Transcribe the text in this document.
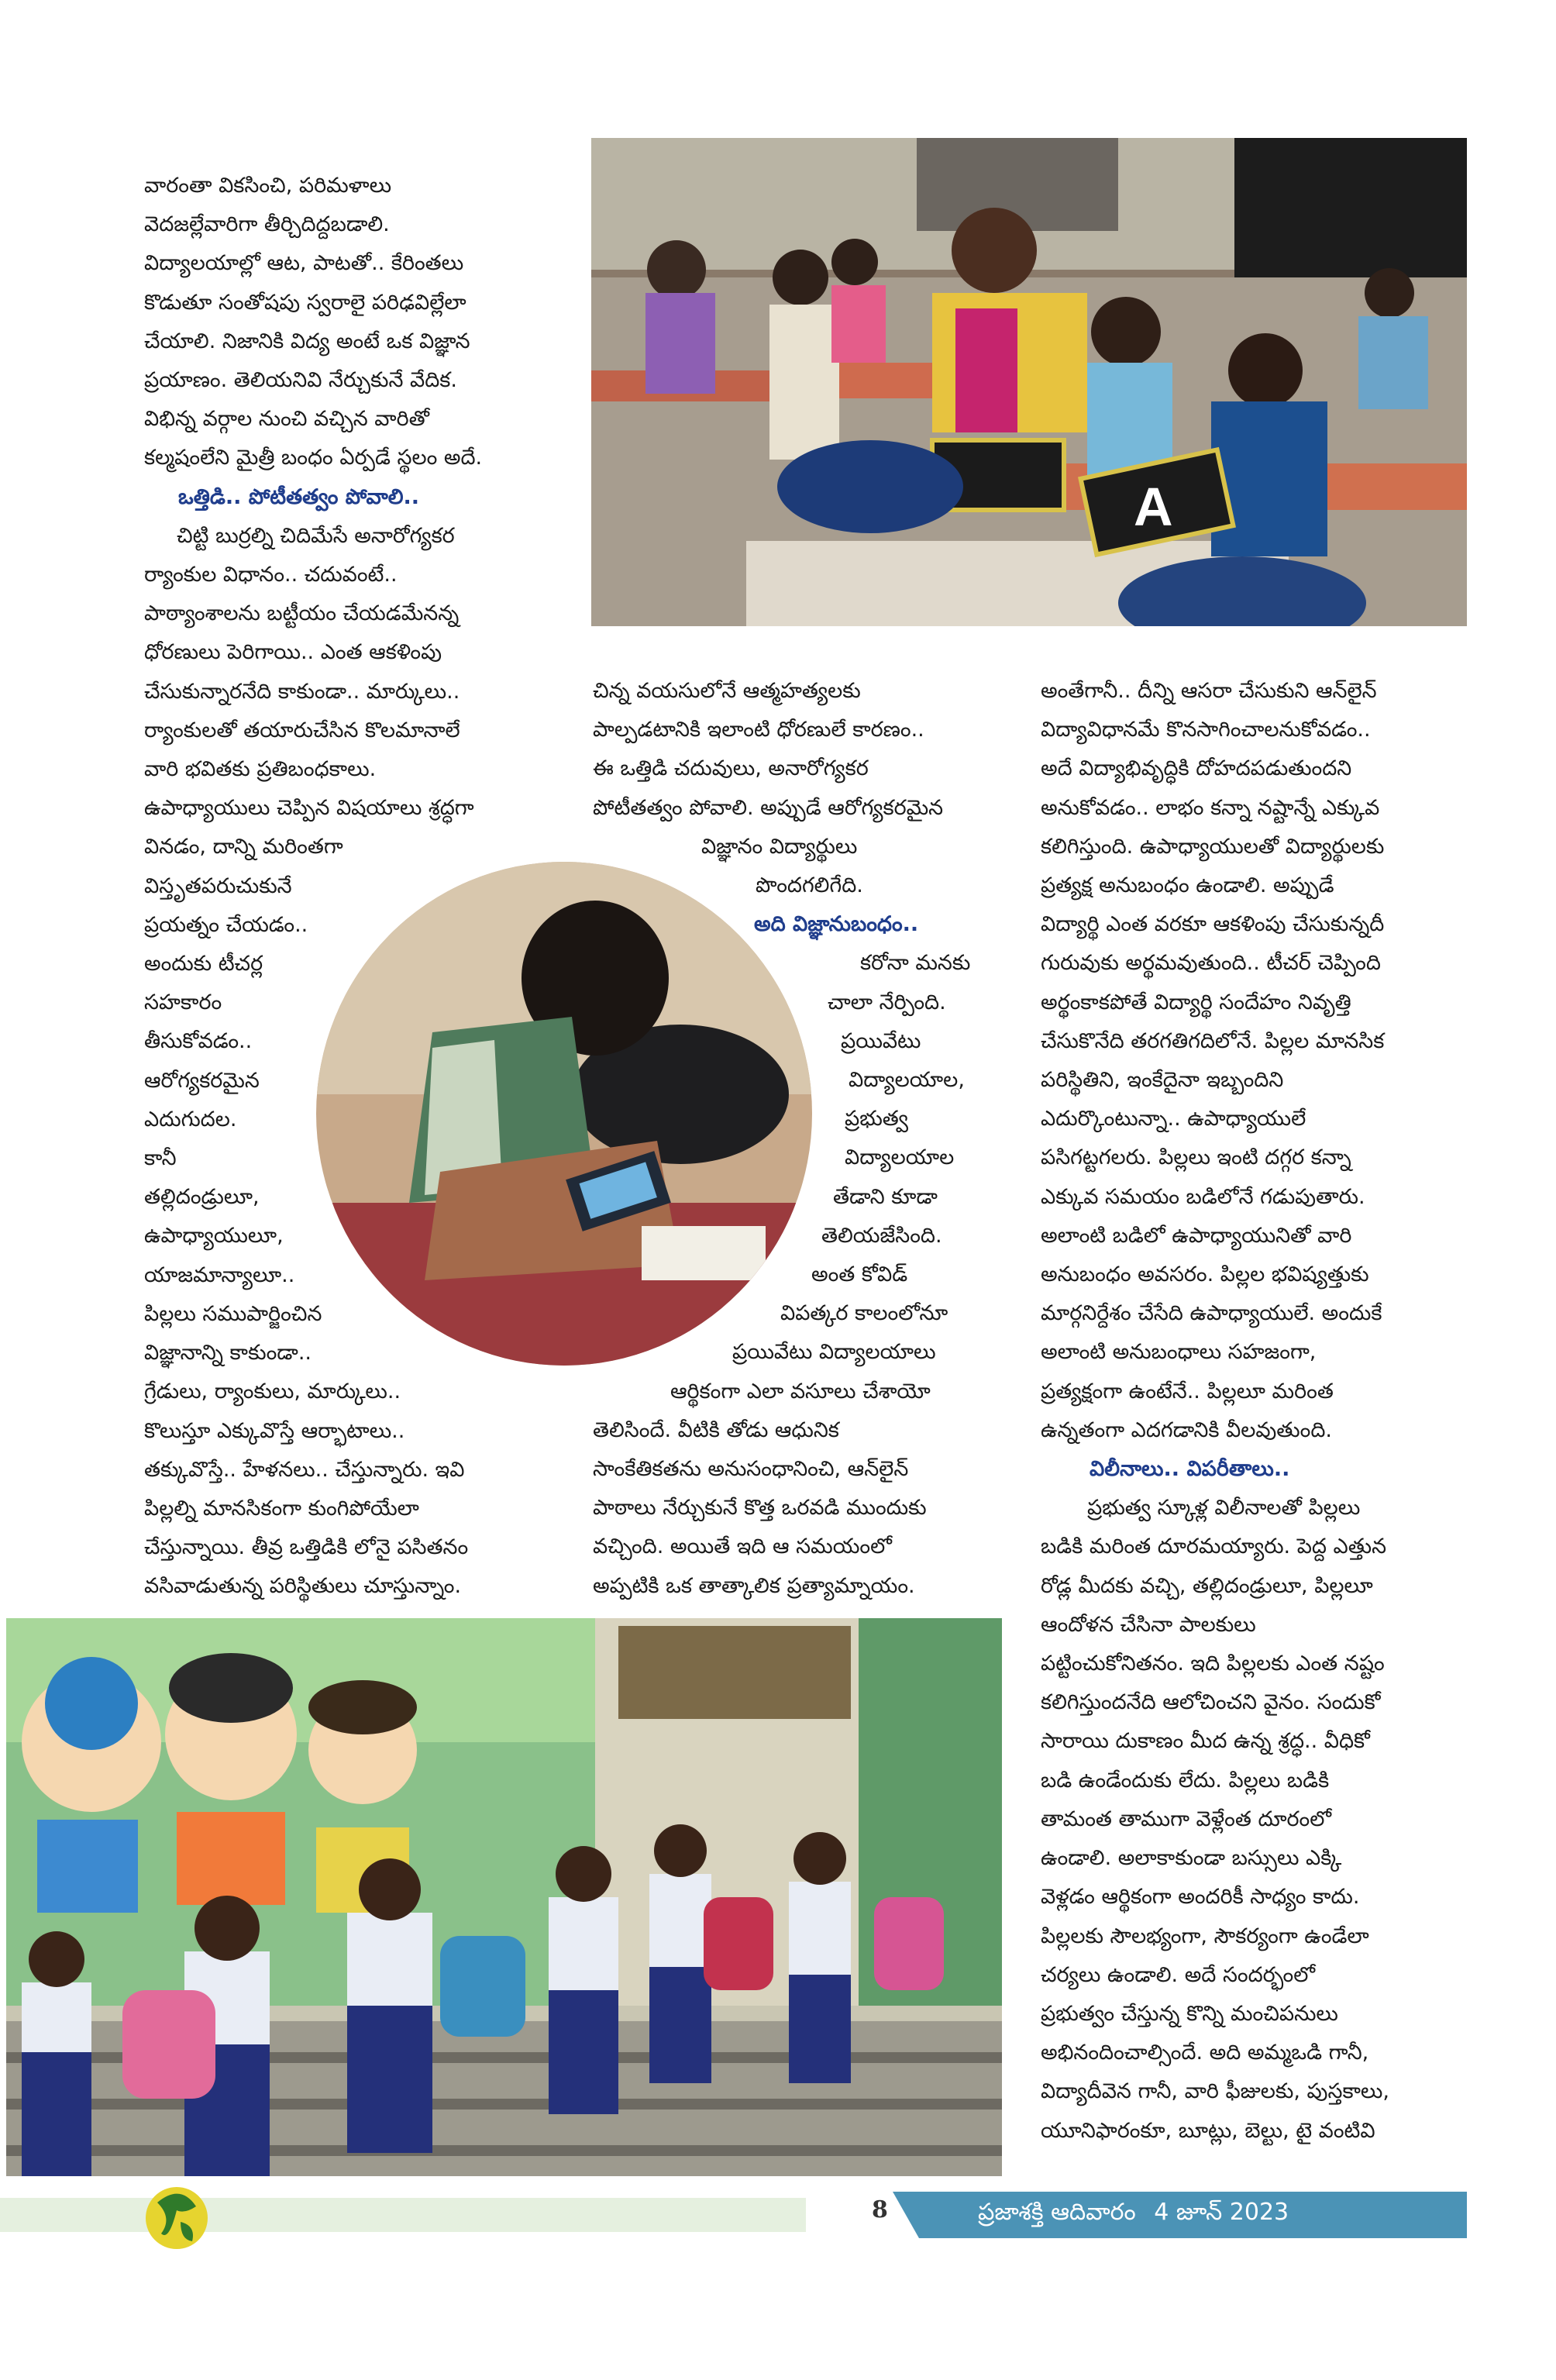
A

వారంతా వికసించి, పరిమళాలు

వెదజల్లేవారిగా తీర్చిదిద్దబడాలి.

విద్యాలయాల్లో ఆట, పాటతో.. కేరింతలు

కొడుతూ సంతోషపు స్వరాలై పరిఢవిల్లేలా

చేయాలి. నిజానికి విద్య అంటే ఒక విజ్ఞాన

ప్రయాణం. తెలియనివి నేర్చుకునే వేదిక.

విభిన్న వర్గాల నుంచి వచ్చిన వారితో

కల్మషంలేని మైత్రీ బంధం ఏర్పడే స్థలం అదే.

ఒత్తిడి.. పోటీతత్వం పోవాలి..

చిట్టి బుర్రల్ని చిదిమేసే అనారోగ్యకర

ర్యాంకుల విధానం.. చదువంటే..

పాఠ్యాంశాలను బట్టీయం చేయడమేనన్న

ధోరణులు పెరిగాయి.. ఎంత ఆకళింపు

చేసుకున్నారనేది కాకుండా.. మార్కులు..

ర్యాంకులతో తయారుచేసిన కొలమానాలే

వారి భవితకు ప్రతిబంధకాలు.

ఉపాధ్యాయులు చెప్పిన విషయాలు శ్రద్ధగా

వినడం, దాన్ని మరింతగా

విస్తృతపరుచుకునే

ప్రయత్నం చేయడం..

అందుకు టీచర్ల

సహకారం

తీసుకోవడం..

ఆరోగ్యకరమైన

ఎదుగుదల.

కానీ

తల్లిదండ్రులూ,

ఉపాధ్యాయులూ,

యాజమాన్యాలూ..

పిల్లలు సముపార్జించిన

విజ్ఞానాన్ని కాకుండా..

గ్రేడులు, ర్యాంకులు, మార్కులు..

కొలుస్తూ ఎక్కువొస్తే ఆర్భాటాలు..

తక్కువొస్తే.. హేళనలు.. చేస్తున్నారు. ఇవి

పిల్లల్ని మానసికంగా కుంగిపోయేలా

చేస్తున్నాయి. తీవ్ర ఒత్తిడికి లోనై పసితనం

వసివాడుతున్న పరిస్థితులు చూస్తున్నాం.

చిన్న వయసులోనే ఆత్మహత్యలకు

పాల్పడటానికి ఇలాంటి ధోరణులే కారణం..

ఈ ఒత్తిడి చదువులు, అనారోగ్యకర

పోటీతత్వం పోవాలి. అప్పుడే ఆరోగ్యకరమైన

విజ్ఞానం విద్యార్థులు

పొందగలిగేది.

అది విజ్ఞానుబంధం..

కరోనా మనకు

చాలా నేర్పింది.

ప్రయివేటు

విద్యాలయాల,

ప్రభుత్వ

విద్యాలయాల

తేడాని కూడా

తెలియజేసింది.

అంత కోవిడ్

విపత్కర కాలంలోనూ

ప్రయివేటు విద్యాలయాలు

ఆర్థికంగా ఎలా వసూలు చేశాయో

తెలిసిందే. వీటికి తోడు ఆధునిక

సాంకేతికతను అనుసంధానించి, ఆన్‌లైన్

పాఠాలు నేర్చుకునే కొత్త ఒరవడి ముందుకు

వచ్చింది. అయితే ఇది ఆ సమయంలో

అప్పటికి ఒక తాత్కాలిక ప్రత్యామ్నాయం.

అంతేగానీ.. దీన్ని ఆసరా చేసుకుని ఆన్‌లైన్

విద్యావిధానమే కొనసాగించాలనుకోవడం..

అదే విద్యాభివృద్ధికి దోహదపడుతుందని

అనుకోవడం.. లాభం కన్నా నష్టాన్నే ఎక్కువ

కలిగిస్తుంది. ఉపాధ్యాయులతో విద్యార్థులకు

ప్రత్యక్ష అనుబంధం ఉండాలి. అప్పుడే

విద్యార్థి ఎంత వరకూ ఆకళింపు చేసుకున్నదీ

గురువుకు అర్థమవుతుంది.. టీచర్ చెప్పింది

అర్థంకాకపోతే విద్యార్థి సందేహం నివృత్తి

చేసుకొనేది తరగతిగదిలోనే. పిల్లల మానసిక

పరిస్థితిని, ఇంకేదైనా ఇబ్బందిని

ఎదుర్కొంటున్నా.. ఉపాధ్యాయులే

పసిగట్టగలరు. పిల్లలు ఇంటి దగ్గర కన్నా

ఎక్కువ సమయం బడిలోనే గడుపుతారు.

అలాంటి బడిలో ఉపాధ్యాయునితో వారి

అనుబంధం అవసరం. పిల్లల భవిష్యత్తుకు

మార్గనిర్దేశం చేసేది ఉపాధ్యాయులే. అందుకే

అలాంటి అనుబంధాలు సహజంగా,

ప్రత్యక్షంగా ఉంటేనే.. పిల్లలూ మరింత

ఉన్నతంగా ఎదగడానికి వీలవుతుంది.

విలీనాలు.. విపరీతాలు..

ప్రభుత్వ స్కూళ్ల విలీనాలతో పిల్లలు

బడికి మరింత దూరమయ్యారు. పెద్ద ఎత్తున

రోడ్ల మీదకు వచ్చి, తల్లిదండ్రులూ, పిల్లలూ

ఆందోళన చేసినా పాలకులు

పట్టించుకోనితనం. ఇది పిల్లలకు ఎంత నష్టం

కలిగిస్తుందనేది ఆలోచించని వైనం. సందుకో

సారాయి దుకాణం మీద ఉన్న శ్రద్ధ.. వీధికో

బడి ఉండేందుకు లేదు. పిల్లలు బడికి

తామంత తాముగా వెళ్లేంత దూరంలో

ఉండాలి. అలాకాకుండా బస్సులు ఎక్కి

వెళ్లడం ఆర్థికంగా అందరికీ సాధ్యం కాదు.

పిల్లలకు సౌలభ్యంగా, సౌకర్యంగా ఉండేలా

చర్యలు ఉండాలి. అదే సందర్భంలో

ప్రభుత్వం చేస్తున్న కొన్ని మంచిపనులు

అభినందించాల్సిందే. అది అమ్మఒడి గానీ,

విద్యాదీవెన గానీ, వారి ఫీజులకు, పుస్తకాలు,

యూనిఫారంకూ, బూట్లు, బెల్టు, టై వంటివి

8	ప్రజాశక్తి ఆదివారం 4 జూన్ 2023
